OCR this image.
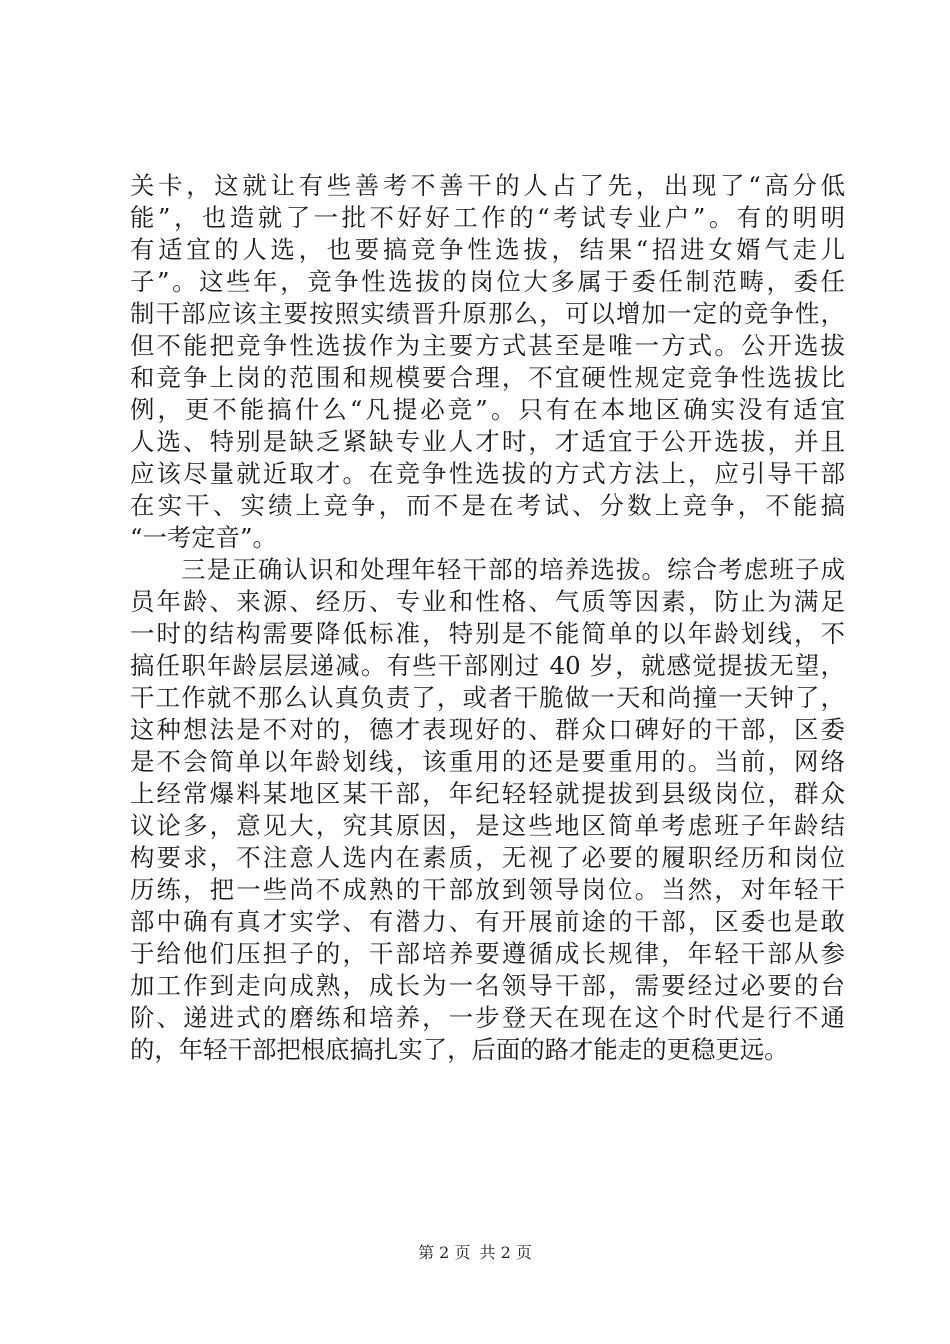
关卡，这就让有些善考不善干的人占了先，出现了“高分低
能”，也造就了一批不好好工作的“考试专业户”。有的明明
有适宜的人选，也要搞竞争性选拔，结果“招进女婿气走儿
子”。这些年，竞争性选拔的岗位大多属于委任制范畴，委任
制干部应该主要按照实绩晋升原那么，可以增加一定的竞争性，
但不能把竞争性选拔作为主要方式甚至是唯一方式。公开选拔
和竞争上岗的范围和规模要合理，不宜硬性规定竞争性选拔比
例，更不能搞什么“凡提必竞”。只有在本地区确实没有适宜
人选、特别是缺乏紧缺专业人才时，才适宜于公开选拔，并且
应该尽量就近取才。在竞争性选拔的方式方法上，应引导干部
在实干、实绩上竞争，而不是在考试、分数上竞争，不能搞
“一考定音”。
　　三是正确认识和处理年轻干部的培养选拔。综合考虑班子成
员年龄、来源、经历、专业和性格、气质等因素，防止为满足
一时的结构需要降低标准，特别是不能简单的以年龄划线，不
搞任职年龄层层递减。有些干部刚过 40 岁，就感觉提拔无望，
干工作就不那么认真负责了，或者干脆做一天和尚撞一天钟了，
这种想法是不对的，德才表现好的、群众口碑好的干部，区委
是不会简单以年龄划线，该重用的还是要重用的。当前，网络
上经常爆料某地区某干部，年纪轻轻就提拔到县级岗位，群众
议论多，意见大，究其原因，是这些地区简单考虑班子年龄结
构要求，不注意人选内在素质，无视了必要的履职经历和岗位
历练，把一些尚不成熟的干部放到领导岗位。当然，对年轻干
部中确有真才实学、有潜力、有开展前途的干部，区委也是敢
于给他们压担子的，干部培养要遵循成长规律，年轻干部从参
加工作到走向成熟，成长为一名领导干部，需要经过必要的台
阶、递进式的磨练和培养，一步登天在现在这个时代是行不通
的，年轻干部把根底搞扎实了，后面的路才能走的更稳更远。
第 2 页 共 2 页
